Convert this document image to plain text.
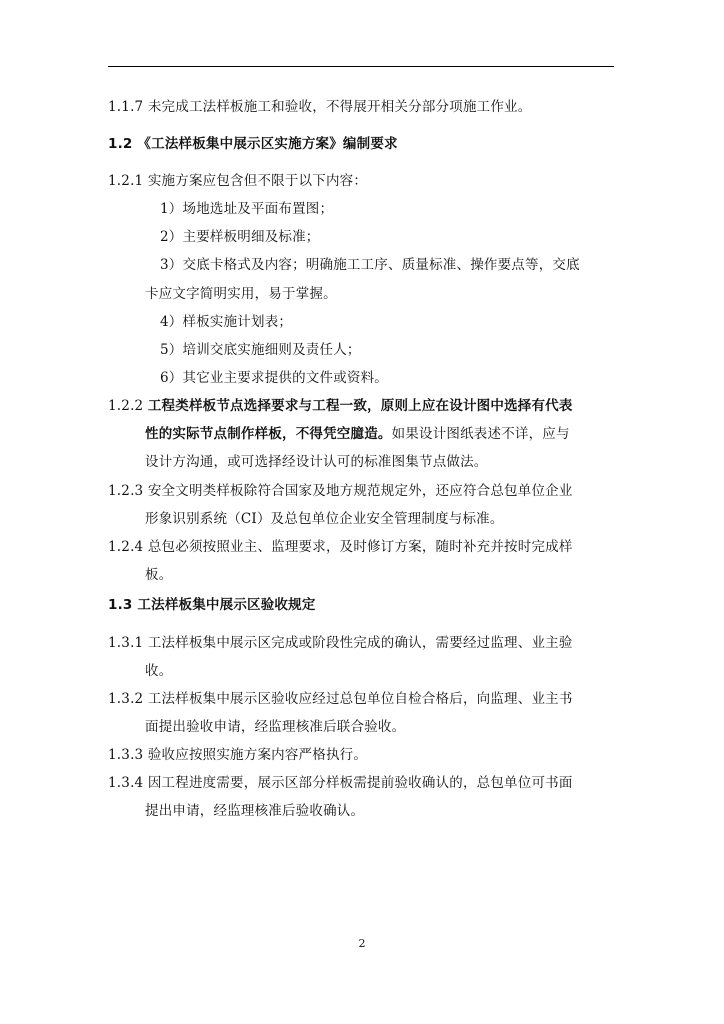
1.1.7 未完成工法样板施工和验收，不得展开相关分部分项施工作业。
1.2 《工法样板集中展示区实施方案》编制要求
1.2.1 实施方案应包含但不限于以下内容：
1）场地选址及平面布置图；
2）主要样板明细及标准；
3）交底卡格式及内容；明确施工工序、质量标准、操作要点等，交底
卡应文字简明实用，易于掌握。
4）样板实施计划表；
5）培训交底实施细则及责任人；
6）其它业主要求提供的文件或资料。
1.2.2 工程类样板节点选择要求与工程一致，原则上应在设计图中选择有代表
性的实际节点制作样板，不得凭空臆造。如果设计图纸表述不详，应与
设计方沟通，或可选择经设计认可的标准图集节点做法。
1.2.3 安全文明类样板除符合国家及地方规范规定外，还应符合总包单位企业
形象识别系统（CI）及总包单位企业安全管理制度与标准。
1.2.4 总包必须按照业主、监理要求，及时修订方案，随时补充并按时完成样
板。
1.3 工法样板集中展示区验收规定
1.3.1 工法样板集中展示区完成或阶段性完成的确认，需要经过监理、业主验
收。
1.3.2 工法样板集中展示区验收应经过总包单位自检合格后，向监理、业主书
面提出验收申请，经监理核准后联合验收。
1.3.3 验收应按照实施方案内容严格执行。
1.3.4 因工程进度需要，展示区部分样板需提前验收确认的，总包单位可书面
提出申请，经监理核准后验收确认。
2
